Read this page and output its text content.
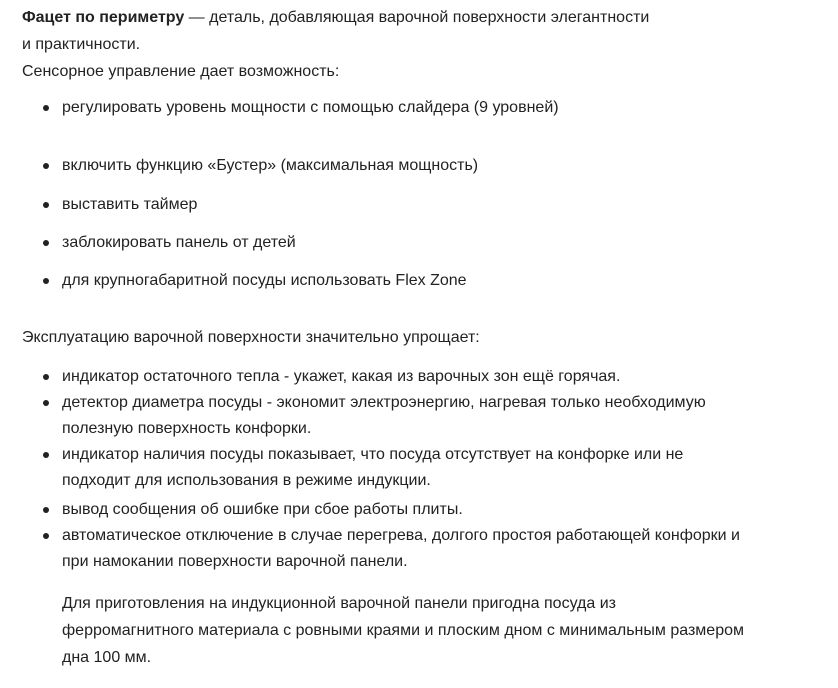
Фацет по периметру — деталь, добавляющая варочной поверхности элегантности
и практичности.
Сенсорное управление дает возможность:
регулировать уровень мощности с помощью слайдера (9 уровней)
включить функцию «Бустер» (максимальная мощность)
выставить таймер
заблокировать панель от детей
для крупногабаритной посуды использовать Flex Zone
Эксплуатацию варочной поверхности значительно упрощает:
индикатор остаточного тепла - укажет, какая из варочных зон ещё горячая.
детектор диаметра посуды - экономит электроэнергию, нагревая только необходимую
полезную поверхность конфорки.
индикатор наличия посуды показывает, что посуда отсутствует на конфорке или не
подходит для использования в режиме индукции.
вывод сообщения об ошибке при сбое работы плиты.
автоматическое отключение в случае перегрева, долгого простоя работающей конфорки и
при намокании поверхности варочной панели.
Для приготовления на индукционной варочной панели пригодна посуда из
ферромагнитного материала с ровными краями и плоским дном с минимальным размером
дна 100 мм.
